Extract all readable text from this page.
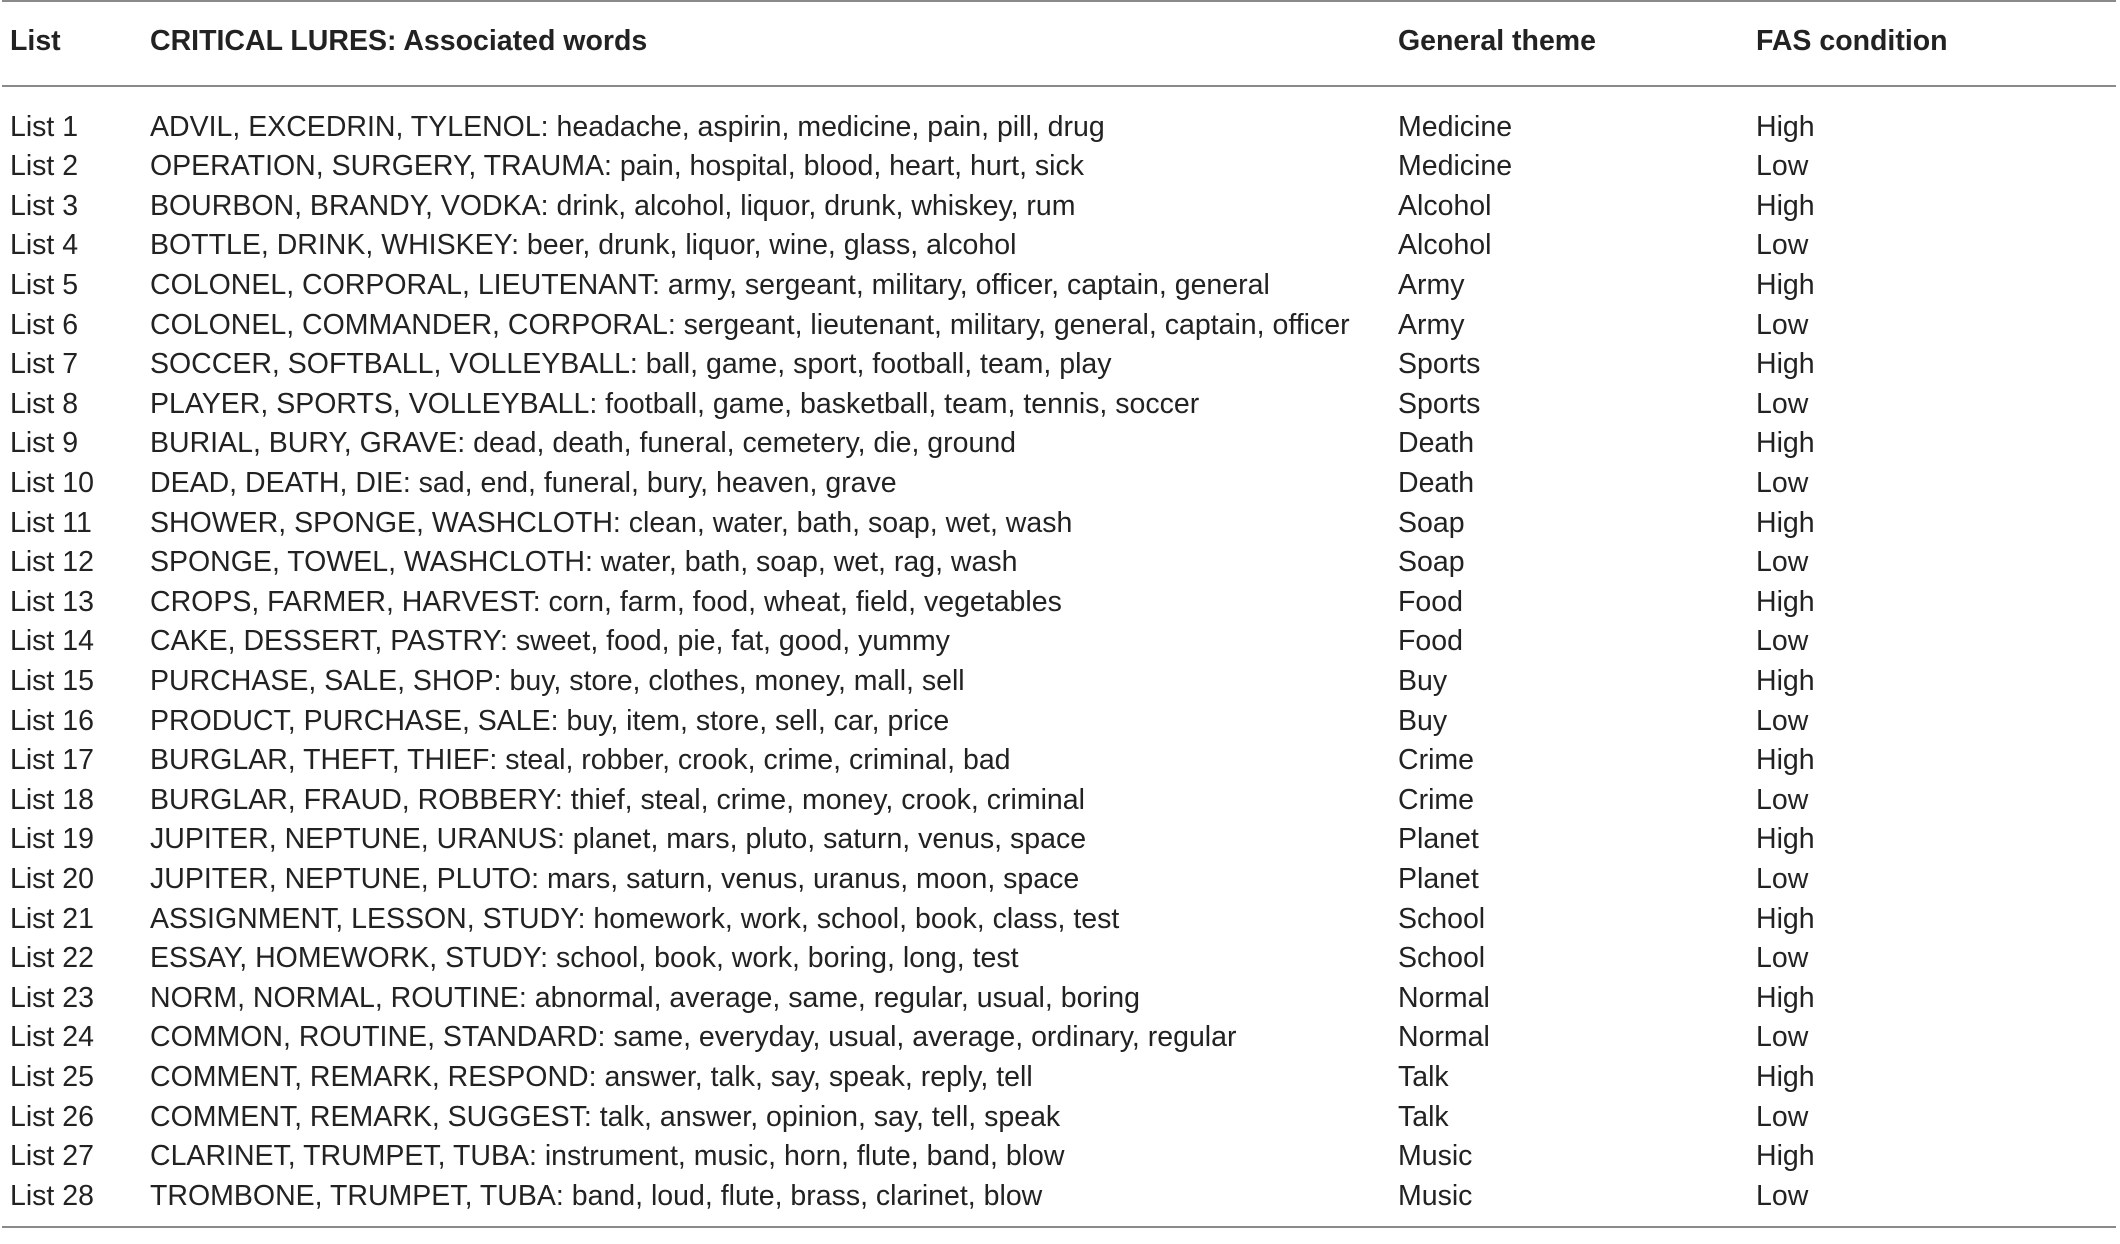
List	CRITICAL LURES: Associated words	General theme	FAS condition
List 1	ADVIL, EXCEDRIN, TYLENOL: headache, aspirin, medicine, pain, pill, drug	Medicine	High
List 2	OPERATION, SURGERY, TRAUMA: pain, hospital, blood, heart, hurt, sick	Medicine	Low
List 3	BOURBON, BRANDY, VODKA: drink, alcohol, liquor, drunk, whiskey, rum	Alcohol	High
List 4	BOTTLE, DRINK, WHISKEY: beer, drunk, liquor, wine, glass, alcohol	Alcohol	Low
List 5	COLONEL, CORPORAL, LIEUTENANT: army, sergeant, military, officer, captain, general	Army	High
List 6	COLONEL, COMMANDER, CORPORAL: sergeant, lieutenant, military, general, captain, officer	Army	Low
List 7	SOCCER, SOFTBALL, VOLLEYBALL: ball, game, sport, football, team, play	Sports	High
List 8	PLAYER, SPORTS, VOLLEYBALL: football, game, basketball, team, tennis, soccer	Sports	Low
List 9	BURIAL, BURY, GRAVE: dead, death, funeral, cemetery, die, ground	Death	High
List 10	DEAD, DEATH, DIE: sad, end, funeral, bury, heaven, grave	Death	Low
List 11	SHOWER, SPONGE, WASHCLOTH: clean, water, bath, soap, wet, wash	Soap	High
List 12	SPONGE, TOWEL, WASHCLOTH: water, bath, soap, wet, rag, wash	Soap	Low
List 13	CROPS, FARMER, HARVEST: corn, farm, food, wheat, field, vegetables	Food	High
List 14	CAKE, DESSERT, PASTRY: sweet, food, pie, fat, good, yummy	Food	Low
List 15	PURCHASE, SALE, SHOP: buy, store, clothes, money, mall, sell	Buy	High
List 16	PRODUCT, PURCHASE, SALE: buy, item, store, sell, car, price	Buy	Low
List 17	BURGLAR, THEFT, THIEF: steal, robber, crook, crime, criminal, bad	Crime	High
List 18	BURGLAR, FRAUD, ROBBERY: thief, steal, crime, money, crook, criminal	Crime	Low
List 19	JUPITER, NEPTUNE, URANUS: planet, mars, pluto, saturn, venus, space	Planet	High
List 20	JUPITER, NEPTUNE, PLUTO: mars, saturn, venus, uranus, moon, space	Planet	Low
List 21	ASSIGNMENT, LESSON, STUDY: homework, work, school, book, class, test	School	High
List 22	ESSAY, HOMEWORK, STUDY: school, book, work, boring, long, test	School	Low
List 23	NORM, NORMAL, ROUTINE: abnormal, average, same, regular, usual, boring	Normal	High
List 24	COMMON, ROUTINE, STANDARD: same, everyday, usual, average, ordinary, regular	Normal	Low
List 25	COMMENT, REMARK, RESPOND: answer, talk, say, speak, reply, tell	Talk	High
List 26	COMMENT, REMARK, SUGGEST: talk, answer, opinion, say, tell, speak	Talk	Low
List 27	CLARINET, TRUMPET, TUBA: instrument, music, horn, flute, band, blow	Music	High
List 28	TROMBONE, TRUMPET, TUBA: band, loud, flute, brass, clarinet, blow	Music	Low
